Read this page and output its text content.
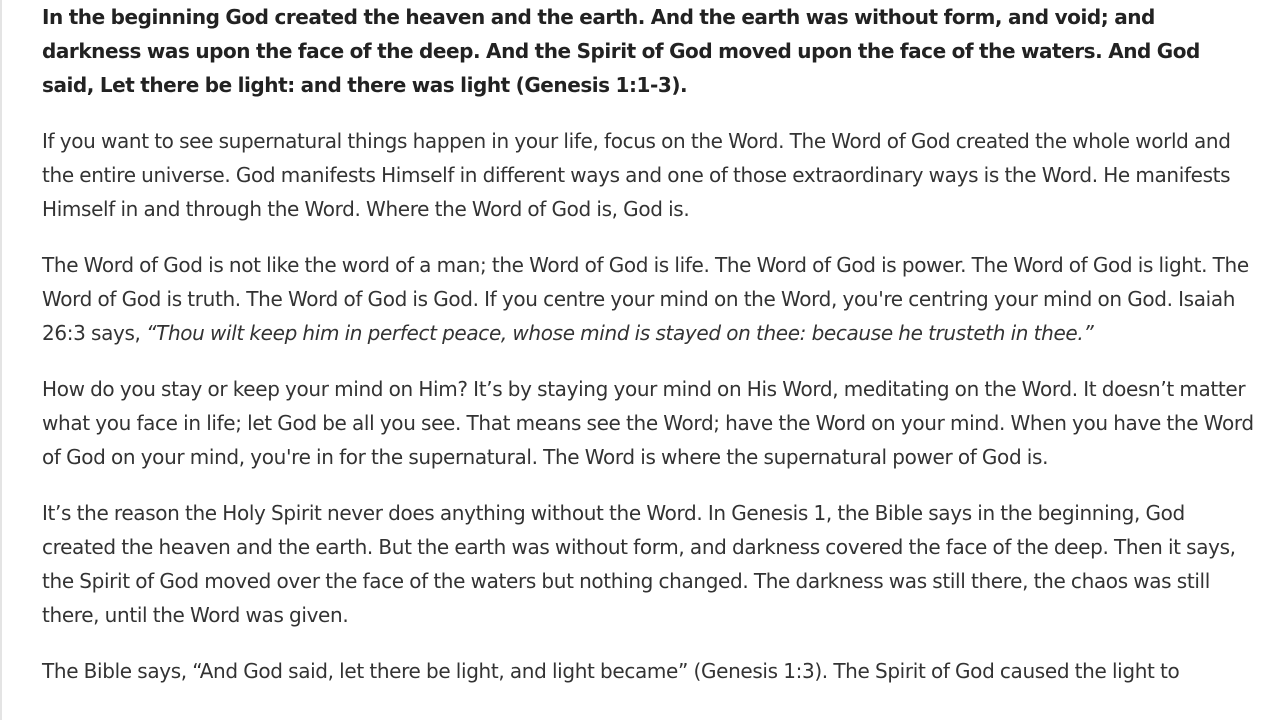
In the beginning God created the heaven and the earth. And the earth was without form, and void; and darkness was upon the face of the deep. And the Spirit of God moved upon the face of the waters. And God said, Let there be light: and there was light (Genesis 1:1-3).

If you want to see supernatural things happen in your life, focus on the Word. The Word of God created the whole world and the entire universe. God manifests Himself in different ways and one of those extraordinary ways is the Word. He manifests Himself in and through the Word. Where the Word of God is, God is.

The Word of God is not like the word of a man; the Word of God is life. The Word of God is power. The Word of God is light. The Word of God is truth. The Word of God is God. If you centre your mind on the Word, you're centring your mind on God. Isaiah 26:3 says, “Thou wilt keep him in perfect peace, whose mind is stayed on thee: because he trusteth in thee.”

How do you stay or keep your mind on Him? It’s by staying your mind on His Word, meditating on the Word. It doesn’t matter what you face in life; let God be all you see. That means see the Word; have the Word on your mind. When you have the Word of God on your mind, you're in for the supernatural. The Word is where the supernatural power of God is.

It’s the reason the Holy Spirit never does anything without the Word. In Genesis 1, the Bible says in the beginning, God created the heaven and the earth. But the earth was without form, and darkness covered the face of the deep. Then it says, the Spirit of God moved over the face of the waters but nothing changed. The darkness was still there, the chaos was still there, until the Word was given.

The Bible says, “And God said, let there be light, and light became” (Genesis 1:3). The Spirit of God caused the light to
